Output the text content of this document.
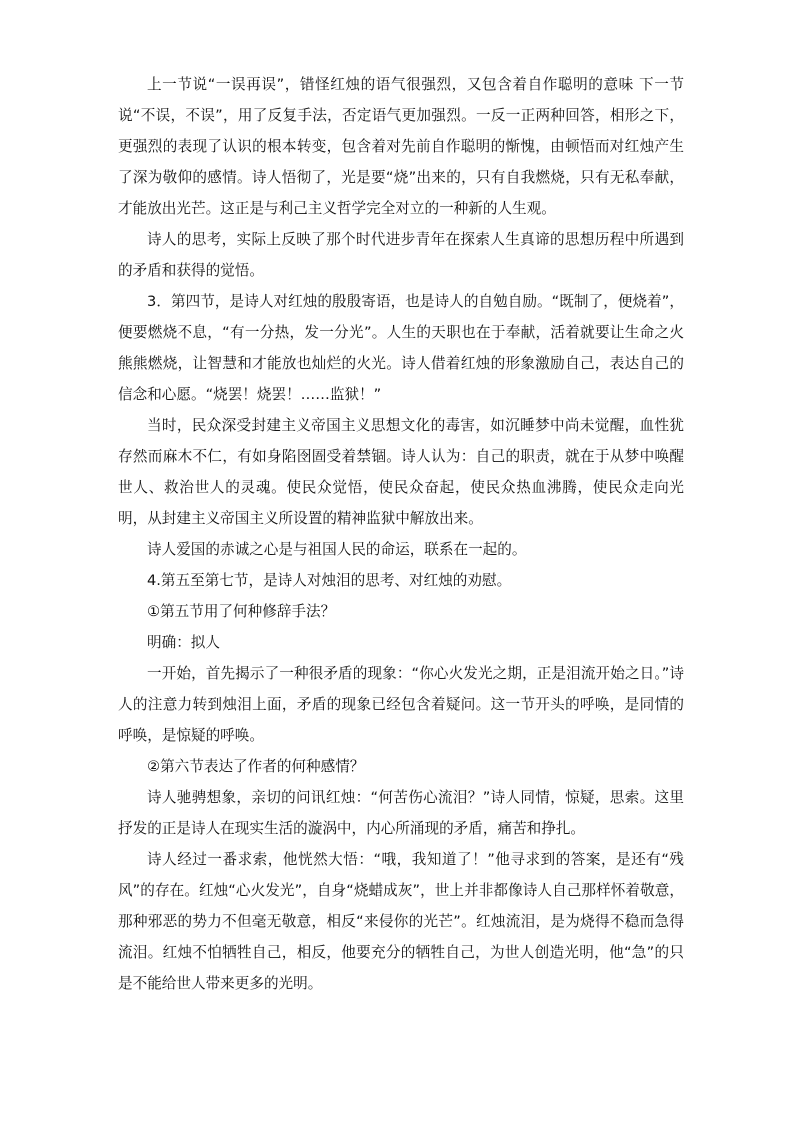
上一节说“一误再误”，错怪红烛的语气很强烈，又包含着自作聪明的意味 下一节说“不误，不误”，用了反复手法，否定语气更加强烈。一反一正两种回答，相形之下，更强烈的表现了认识的根本转变，包含着对先前自作聪明的惭愧，由顿悟而对红烛产生了深为敬仰的感情。诗人悟彻了，光是要“烧”出来的，只有自我燃烧，只有无私奉献，才能放出光芒。这正是与利己主义哲学完全对立的一种新的人生观。

诗人的思考，实际上反映了那个时代进步青年在探索人生真谛的思想历程中所遇到的矛盾和获得的觉悟。

3．第四节，是诗人对红烛的殷殷寄语，也是诗人的自勉自励。“既制了，便烧着”，便要燃烧不息，“有一分热，发一分光”。人生的天职也在于奉献，活着就要让生命之火熊熊燃烧，让智慧和才能放也灿烂的火光。诗人借着红烛的形象激励自己，表达自己的信念和心愿。“烧罢！烧罢！……监狱！”

当时，民众深受封建主义帝国主义思想文化的毒害，如沉睡梦中尚未觉醒，血性犹存然而麻木不仁，有如身陷囹圄受着禁锢。诗人认为：自己的职责，就在于从梦中唤醒世人、救治世人的灵魂。使民众觉悟，使民众奋起，使民众热血沸腾，使民众走向光明，从封建主义帝国主义所设置的精神监狱中解放出来。

诗人爱国的赤诚之心是与祖国人民的命运，联系在一起的。

4.第五至第七节，是诗人对烛泪的思考、对红烛的劝慰。

①第五节用了何种修辞手法？

明确：拟人

一开始，首先揭示了一种很矛盾的现象：“你心火发光之期，正是泪流开始之日。”诗人的注意力转到烛泪上面，矛盾的现象已经包含着疑问。这一节开头的呼唤，是同情的呼唤，是惊疑的呼唤。

②第六节表达了作者的何种感情？

诗人驰骋想象，亲切的问讯红烛：“何苦伤心流泪？”诗人同情，惊疑，思索。这里抒发的正是诗人在现实生活的漩涡中，内心所涌现的矛盾，痛苦和挣扎。

诗人经过一番求索，他恍然大悟：“哦，我知道了！”他寻求到的答案，是还有“残风”的存在。红烛“心火发光”，自身“烧蜡成灰”，世上并非都像诗人自己那样怀着敬意，那种邪恶的势力不但毫无敬意，相反“来侵你的光芒”。红烛流泪，是为烧得不稳而急得流泪。红烛不怕牺牲自己，相反，他要充分的牺牲自己，为世人创造光明，他“急”的只是不能给世人带来更多的光明。
